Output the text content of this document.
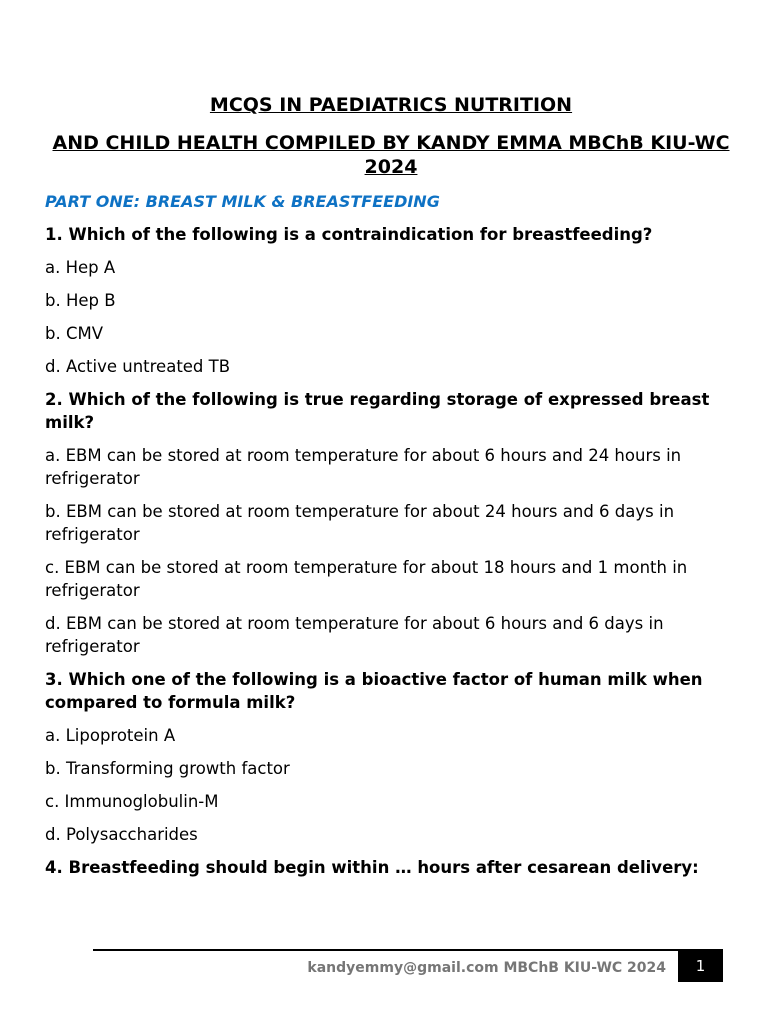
MCQS IN PAEDIATRICS NUTRITION
AND CHILD HEALTH COMPILED BY KANDY EMMA MBChB KIU-WC 2024
PART ONE: BREAST MILK & BREASTFEEDING
1. Which of the following is a contraindication for breastfeeding?
a. Hep A
b. Hep B
b. CMV
d. Active untreated TB
2. Which of the following is true regarding storage of expressed breast milk?
a. EBM can be stored at room temperature for about 6 hours and 24 hours in refrigerator
b. EBM can be stored at room temperature for about 24 hours and 6 days in refrigerator
c. EBM can be stored at room temperature for about 18 hours and 1 month in refrigerator
d. EBM can be stored at room temperature for about 6 hours and 6 days in refrigerator
3. Which one of the following is a bioactive factor of human milk when compared to formula milk?
a. Lipoprotein A
b. Transforming growth factor
c. Immunoglobulin-M
d. Polysaccharides
4. Breastfeeding should begin within … hours after cesarean delivery:
kandyemmy@gmail.com MBChB KIU-WC 2024	1
